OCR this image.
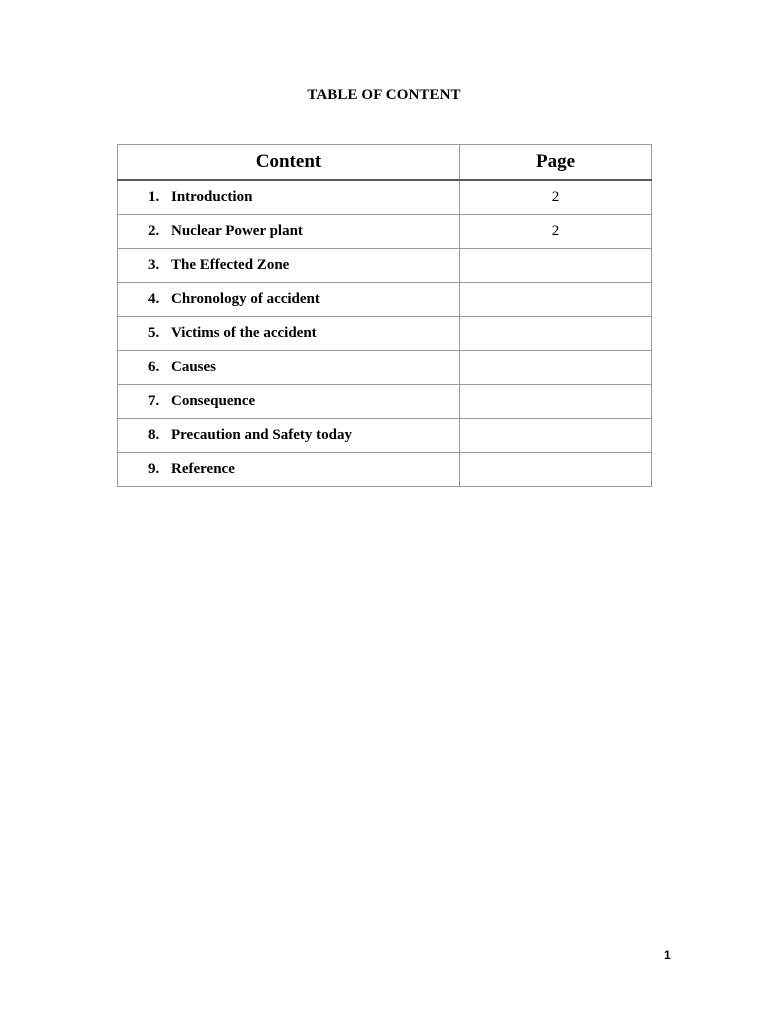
TABLE OF CONTENT
Content	Page

1. Introduction	2

2. Nuclear Power plant	2

3. The Effected Zone	

4. Chronology of accident	

5. Victims of the accident	

6. Causes	

7. Consequence	

8. Precaution and Safety today	

9. Reference	

1
